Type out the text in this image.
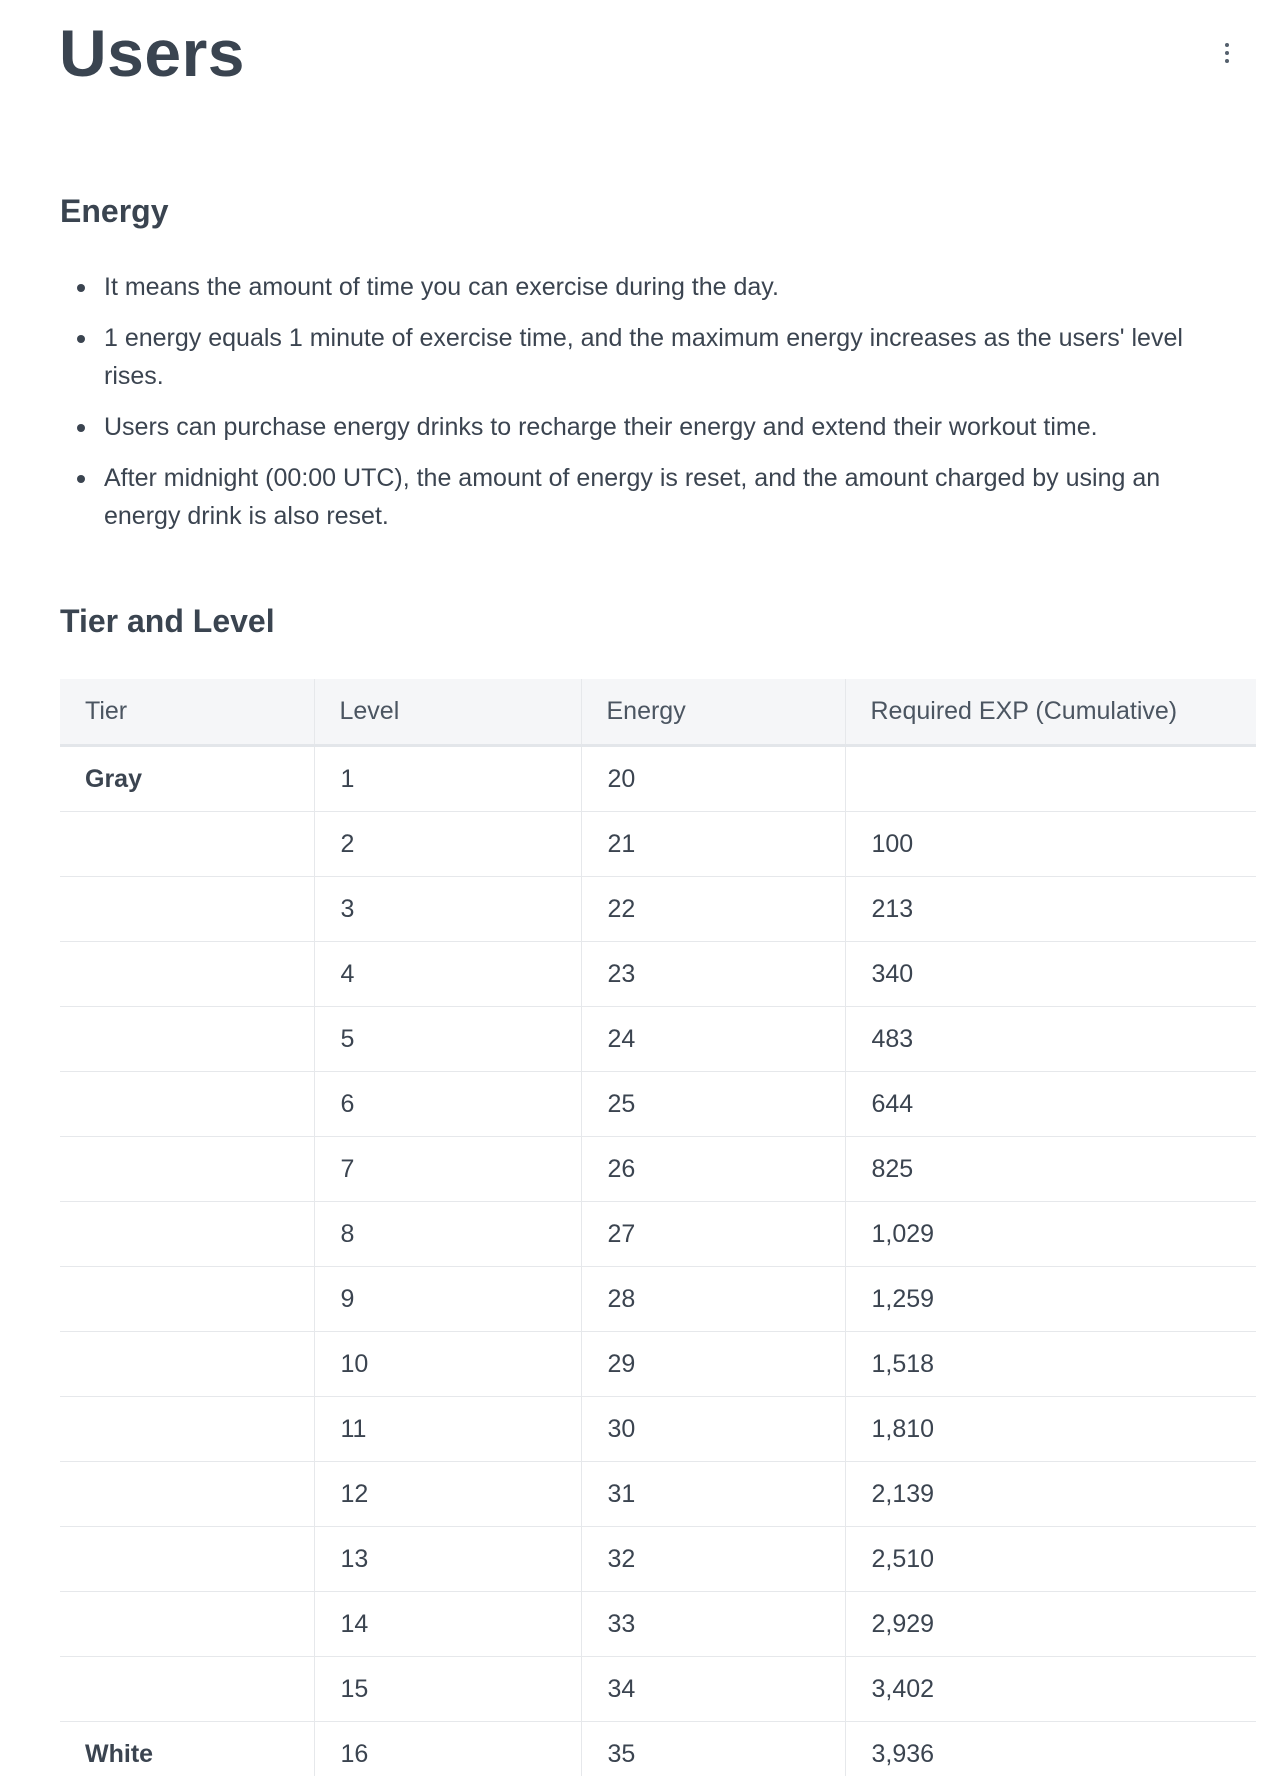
Users
Energy
It means the amount of time you can exercise during the day.
1 energy equals 1 minute of exercise time, and the maximum energy increases as the users' level rises.
Users can purchase energy drinks to recharge their energy and extend their workout time.
After midnight (00:00 UTC), the amount of energy is reset, and the amount charged by using an energy drink is also reset.
Tier and Level
Tier	Level	Energy	Required EXP (Cumulative)
Gray	1	20	
	2	21	100
	3	22	213
	4	23	340
	5	24	483
	6	25	644
	7	26	825
	8	27	1,029
	9	28	1,259
	10	29	1,518
	11	30	1,810
	12	31	2,139
	13	32	2,510
	14	33	2,929
	15	34	3,402
White	16	35	3,936
